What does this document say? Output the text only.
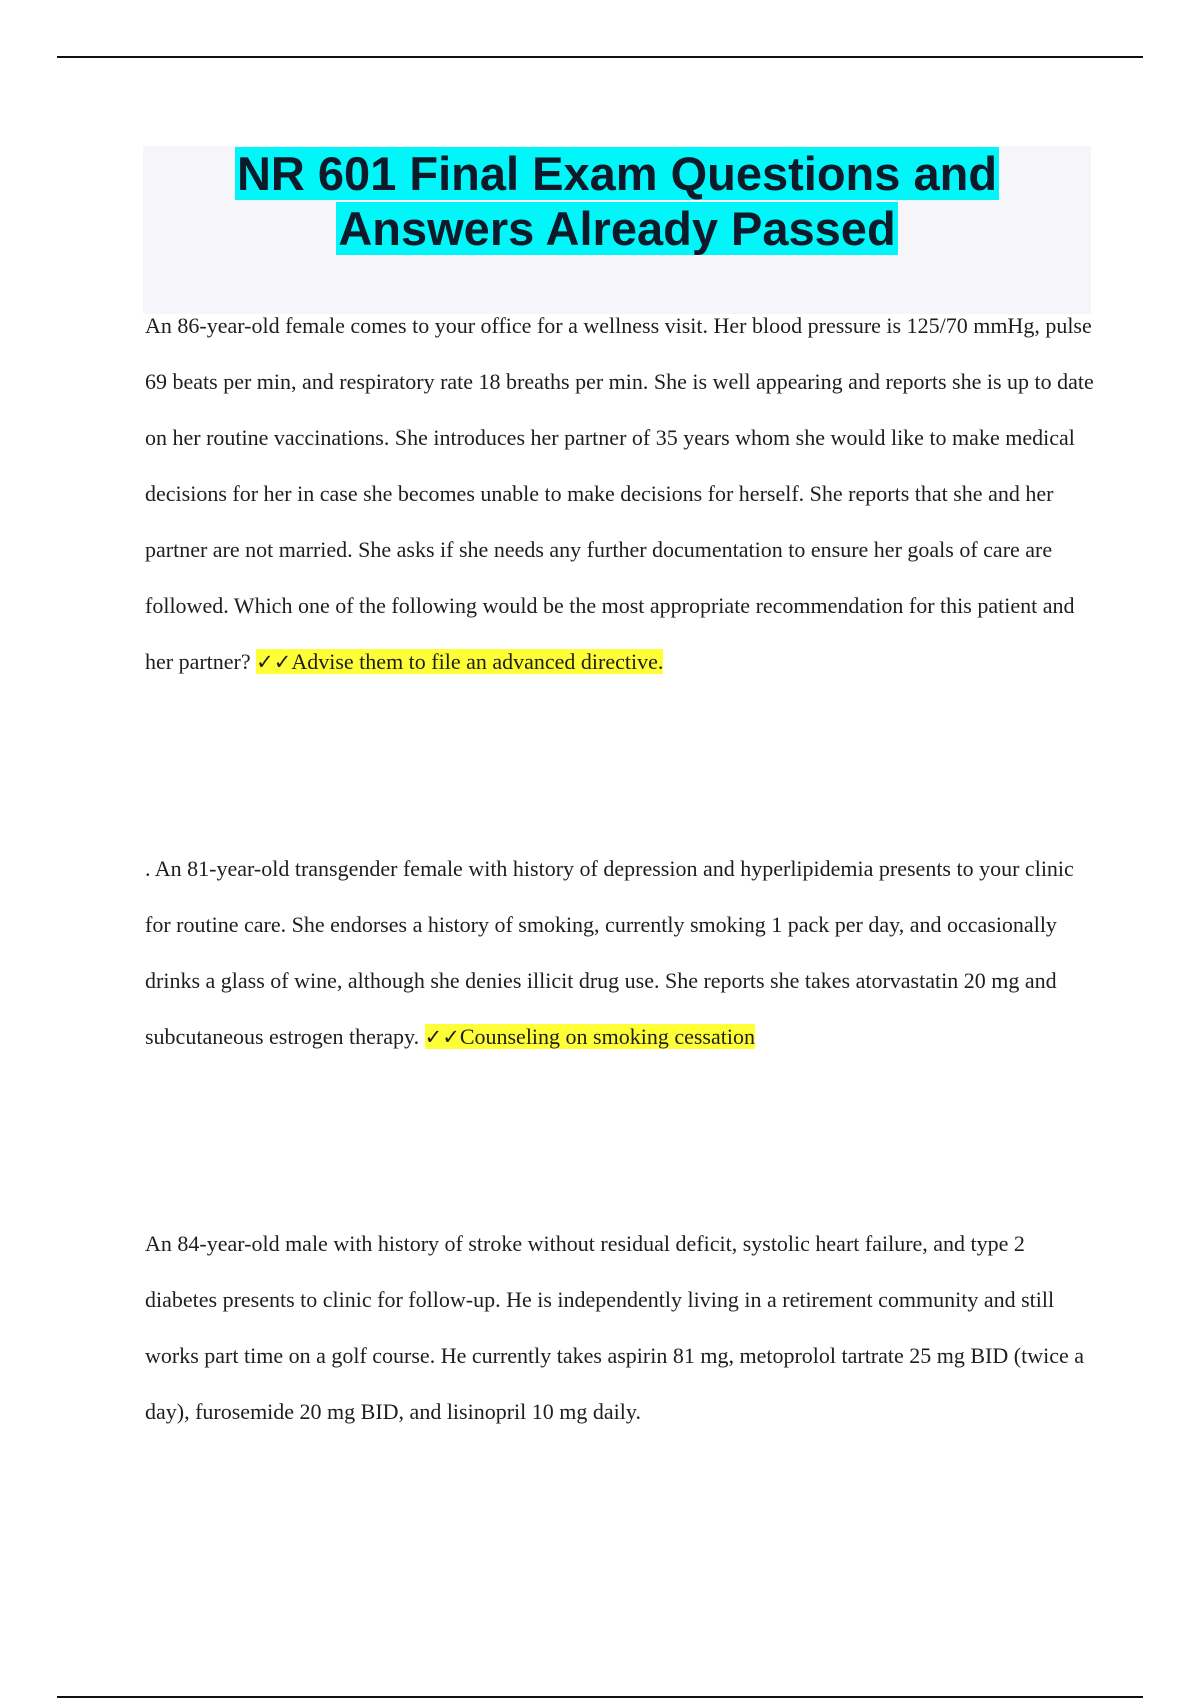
NR 601 Final Exam Questions and
Answers Already Passed

An 86-year-old female comes to your office for a wellness visit. Her blood pressure is 125/70 mmHg, pulse 69 beats per min, and respiratory rate 18 breaths per min. She is well appearing and reports she is up to date on her routine vaccinations. She introduces her partner of 35 years whom she would like to make medical decisions for her in case she becomes unable to make decisions for herself. She reports that she and her partner are not married. She asks if she needs any further documentation to ensure her goals of care are followed. Which one of the following would be the most appropriate recommendation for this patient and her partner? ✓✓Advise them to file an advanced directive.

. An 81-year-old transgender female with history of depression and hyperlipidemia presents to your clinic for routine care. She endorses a history of smoking, currently smoking 1 pack per day, and occasionally drinks a glass of wine, although she denies illicit drug use. She reports she takes atorvastatin 20 mg and subcutaneous estrogen therapy. ✓✓Counseling on smoking cessation

An 84-year-old male with history of stroke without residual deficit, systolic heart failure, and type 2 diabetes presents to clinic for follow-up. He is independently living in a retirement community and still works part time on a golf course. He currently takes aspirin 81 mg, metoprolol tartrate 25 mg BID (twice a day), furosemide 20 mg BID, and lisinopril 10 mg daily.
